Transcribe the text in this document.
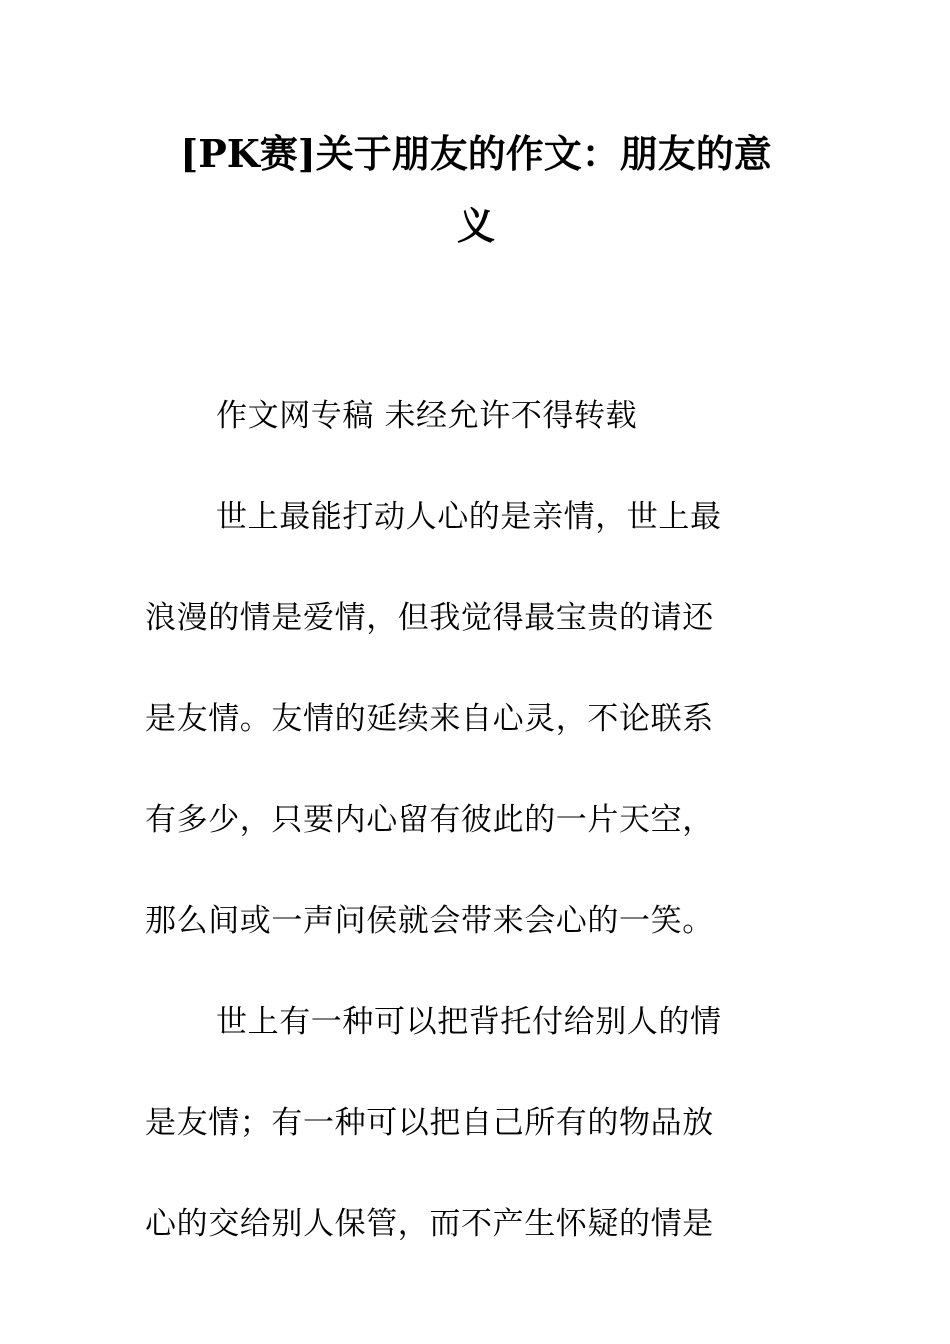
[PK赛]关于朋友的作文：朋友的意
义

作文网专稿 未经允许不得转载

世上最能打动人心的是亲情，世上最
浪漫的情是爱情，但我觉得最宝贵的请还
是友情。友情的延续来自心灵，不论联系
有多少，只要内心留有彼此的一片天空，
那么间或一声问侯就会带来会心的一笑。

世上有一种可以把背托付给别人的情
是友情；有一种可以把自己所有的物品放
心的交给别人保管，而不产生怀疑的情是
